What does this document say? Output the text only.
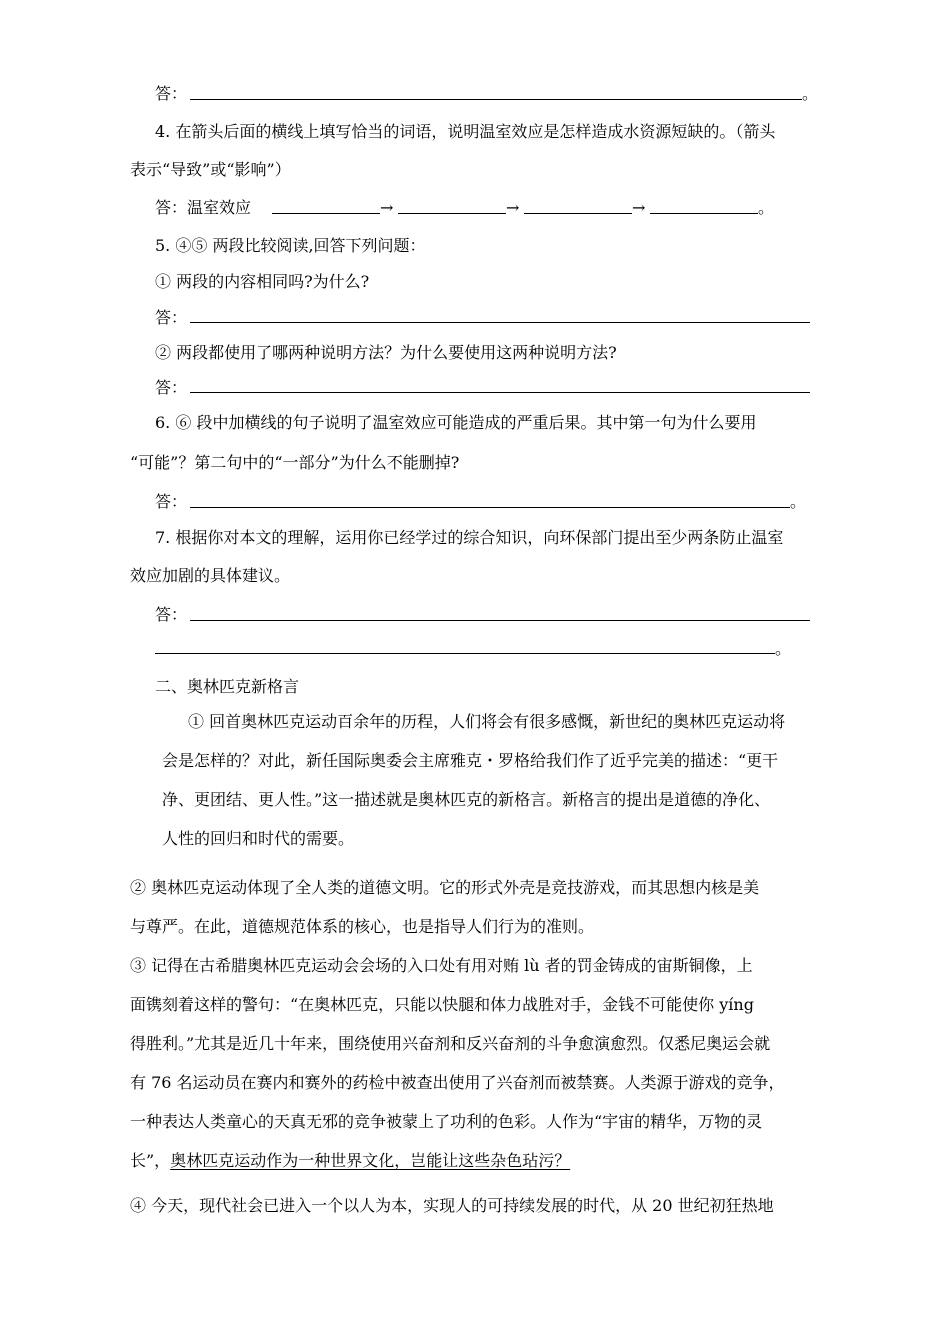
答：	。
4. 在箭头后面的横线上填写恰当的词语，说明温室效应是怎样造成水资源短缺的。（箭头
表示“导致”或“影响”）
答：温室效应	→	→	→	。
5. ④⑤ 两段比较阅读,回答下列问题：
① 两段的内容相同吗?为什么?
答：
② 两段都使用了哪两种说明方法？为什么要使用这两种说明方法?
答：
6. ⑥ 段中加横线的句子说明了温室效应可能造成的严重后果。其中第一句为什么要用
“可能”？第二句中的“一部分”为什么不能删掉?
答：	。
7. 根据你对本文的理解，运用你已经学过的综合知识，向环保部门提出至少两条防止温室
效应加剧的具体建议。
答：
。
二、奥林匹克新格言
① 回首奥林匹克运动百余年的历程，人们将会有很多感慨，新世纪的奥林匹克运动将
会是怎样的？对此，新任国际奥委会主席雅克・罗格给我们作了近乎完美的描述：“更干
净、更团结、更人性。”这一描述就是奥林匹克的新格言。新格言的提出是道德的净化、
人性的回归和时代的需要。
② 奥林匹克运动体现了全人类的道德文明。它的形式外壳是竞技游戏，而其思想内核是美
与尊严。在此，道德规范体系的核心，也是指导人们行为的准则。
③ 记得在古希腊奥林匹克运动会会场的入口处有用对贿 lù 者的罚金铸成的宙斯铜像，上
面镌刻着这样的警句：“在奥林匹克，只能以快腿和体力战胜对手，金钱不可能使你 yíng
得胜利。”尤其是近几十年来，围绕使用兴奋剂和反兴奋剂的斗争愈演愈烈。仅悉尼奥运会就
有 76 名运动员在赛内和赛外的药检中被查出使用了兴奋剂而被禁赛。人类源于游戏的竞争，
一种表达人类童心的天真无邪的竞争被蒙上了功利的色彩。人作为“宇宙的精华，万物的灵
长”，奥林匹克运动作为一种世界文化，岂能让这些杂色玷污？
④ 今天，现代社会已进入一个以人为本，实现人的可持续发展的时代，从 20 世纪初狂热地
